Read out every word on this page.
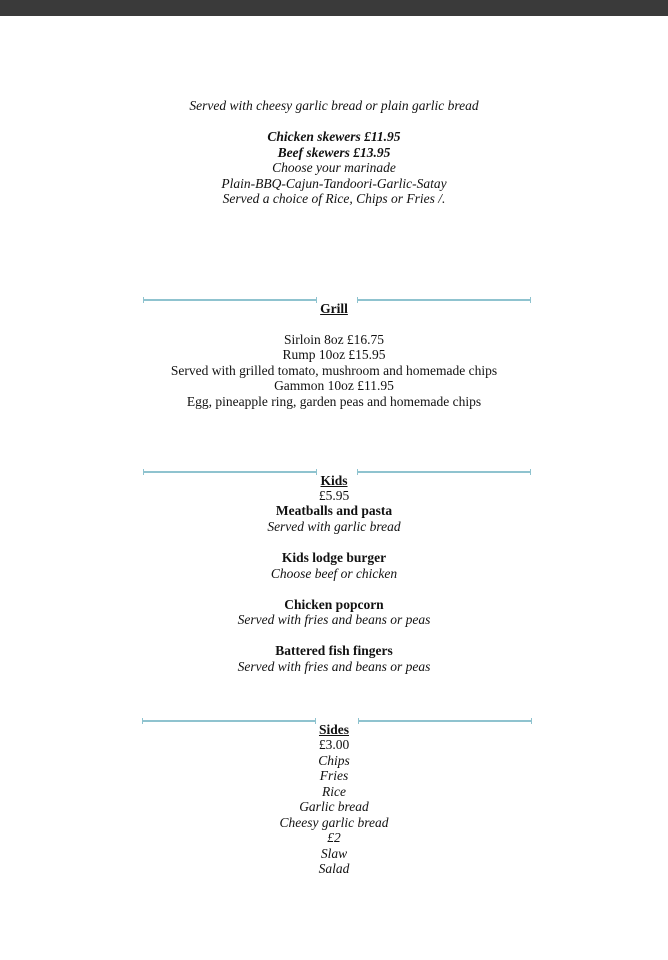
Served with cheesy garlic bread or plain garlic bread
Chicken skewers £11.95
Beef skewers £13.95
Choose your marinade
Plain-BBQ-Cajun-Tandoori-Garlic-Satay
Served a choice of Rice, Chips or Fries /.
Grill
Sirloin 8oz £16.75
Rump 10oz £15.95
Served with grilled tomato, mushroom and homemade chips
Gammon 10oz £11.95
Egg, pineapple ring, garden peas and homemade chips
Kids
£5.95
Meatballs and pasta
Served with garlic bread
Kids lodge burger
Choose beef or chicken
Chicken popcorn
Served with fries and beans or peas
Battered fish fingers
Served with fries and beans or peas
Sides
£3.00
Chips
Fries
Rice
Garlic bread
Cheesy garlic bread
£2
Slaw
Salad
